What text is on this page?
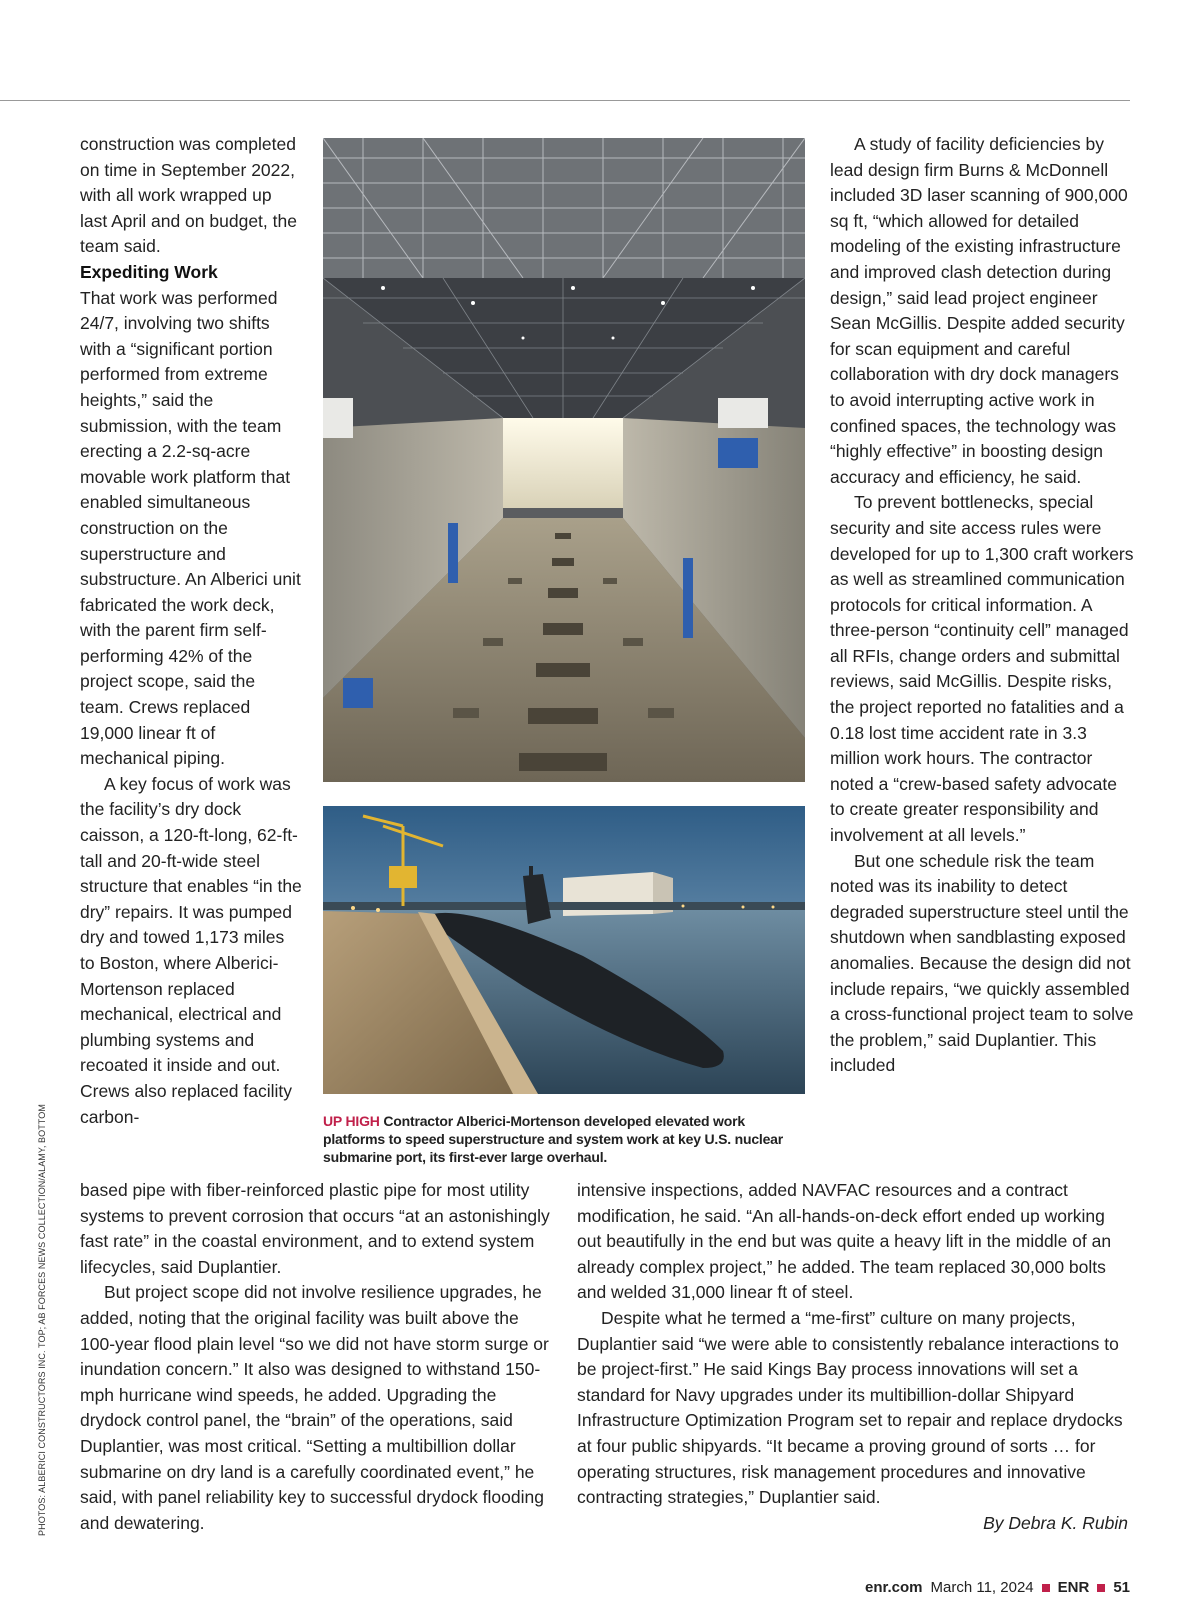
construction was completed on time in September 2022, with all work wrapped up last April and on budget, the team said.

Expediting Work

That work was performed 24/7, involving two shifts with a “significant portion performed from extreme heights,” said the submission, with the team erecting a 2.2-sq-acre movable work platform that enabled simultaneous construction on the superstructure and substructure. An Alberici unit fabricated the work deck, with the parent firm self-performing 42% of the project scope, said the team. Crews replaced 19,000 linear ft of mechanical piping.

A key focus of work was the facility’s dry dock caisson, a 120-ft-long, 62-ft-tall and 20-ft-wide steel structure that enables “in the dry” repairs. It was pumped dry and towed 1,173 miles to Boston, where Alberici-Mortenson replaced mechanical, electrical and plumbing systems and recoated it inside and out. Crews also replaced facility carbon-	UP HIGH Contractor Alberici-Mortenson developed elevated work platforms to speed superstructure and system work at key U.S. nuclear submarine port, its first-ever large overhaul.

A study of facility deficiencies by lead design firm Burns & McDonnell included 3D laser scanning of 900,000 sq ft, “which allowed for detailed modeling of the existing infrastructure and improved clash detection during design,” said lead project engineer Sean McGillis. Despite added security for scan equipment and careful collaboration with dry dock managers to avoid interrupting active work in confined spaces, the technology was “highly effective” in boosting design accuracy and efficiency, he said.

To prevent bottlenecks, special security and site access rules were developed for up to 1,300 craft workers as well as streamlined communication protocols for critical information. A three-person “continuity cell” managed all RFIs, change orders and submittal reviews, said McGillis. Despite risks, the project reported no fatalities and a 0.18 lost time accident rate in 3.3 million work hours. The contractor noted a “crew-based safety advocate to create greater responsibility and involvement at all levels.”

But one schedule risk the team noted was its inability to detect degraded superstructure steel until the shutdown when sandblasting exposed anomalies. Because the design did not include repairs, “we quickly assembled a cross-functional project team to solve the problem,” said Duplantier. This included

based pipe with fiber-reinforced plastic pipe for most utility systems to prevent corrosion that occurs “at an astonishingly fast rate” in the coastal environment, and to extend system lifecycles, said Duplantier.

But project scope did not involve resilience upgrades, he added, noting that the original facility was built above the 100-year flood plain level “so we did not have storm surge or inundation concern.” It also was designed to withstand 150-mph hurricane wind speeds, he added. Upgrading the drydock control panel, the “brain” of the operations, said Duplantier, was most critical. “Setting a multibillion dollar submarine on dry land is a carefully coordinated event,” he said, with panel reliability key to successful drydock flooding and dewatering.

intensive inspections, added NAVFAC resources and a contract modification, he said. “An all-hands-on-deck effort ended up working out beautifully in the end but was quite a heavy lift in the middle of an already complex project,” he added. The team replaced 30,000 bolts and welded 31,000 linear ft of steel.

Despite what he termed a “me-first” culture on many projects, Duplantier said “we were able to consistently rebalance interactions to be project-first.” He said Kings Bay process innovations will set a standard for Navy upgrades under its multibillion-dollar Shipyard Infrastructure Optimization Program set to repair and replace drydocks at four public shipyards. “It became a proving ground of sorts … for operating structures, risk management procedures and innovative contracting strategies,” Duplantier said.

By Debra K. Rubin

PHOTOS: ALBERICI CONSTRUCTORS INC. TOP; AB FORCES NEWS COLLECTION/ALAMY, BOTTOM
enr.com March 11, 2024 ENR 51
